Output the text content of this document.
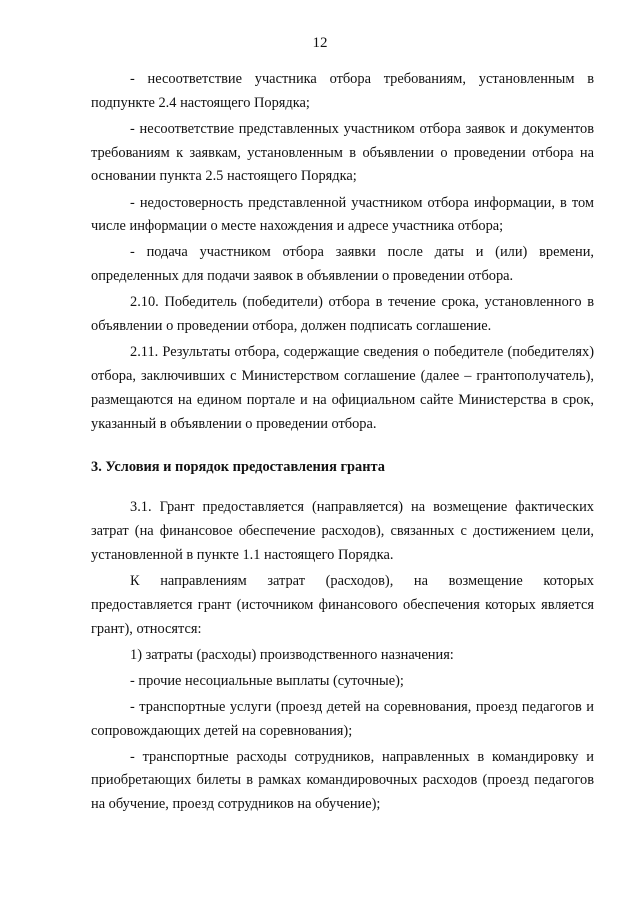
12

- несоответствие участника отбора требованиям, установленным в подпункте 2.4 настоящего Порядка;

- несоответствие представленных участником отбора заявок и документов требованиям к заявкам, установленным в объявлении о проведении отбора на основании пункта 2.5 настоящего Порядка;

- недостоверность представленной участником отбора информации, в том числе информации о месте нахождения и адресе участника отбора;

- подача участником отбора заявки после даты и (или) времени, определенных для подачи заявок в объявлении о проведении отбора.

2.10. Победитель (победители) отбора в течение срока, установленного в объявлении о проведении отбора, должен подписать соглашение.

2.11. Результаты отбора, содержащие сведения о победителе (победителях) отбора, заключивших с Министерством соглашение (далее – грантополучатель), размещаются на едином портале и на официальном сайте Министерства в срок, указанный в объявлении о проведении отбора.

3. Условия и порядок предоставления гранта

3.1. Грант предоставляется (направляется) на возмещение фактических затрат (на финансовое обеспечение расходов), связанных с достижением цели, установленной в пункте 1.1 настоящего Порядка.

К направлениям затрат (расходов), на возмещение которых предоставляется грант (источником финансового обеспечения которых является грант), относятся:

1) затраты (расходы) производственного назначения:

- прочие несоциальные выплаты (суточные);

- транспортные услуги (проезд детей на соревнования, проезд педагогов и сопровождающих детей на соревнования);

- транспортные расходы сотрудников, направленных в командировку и приобретающих билеты в рамках командировочных расходов (проезд педагогов на обучение, проезд сотрудников на обучение);
